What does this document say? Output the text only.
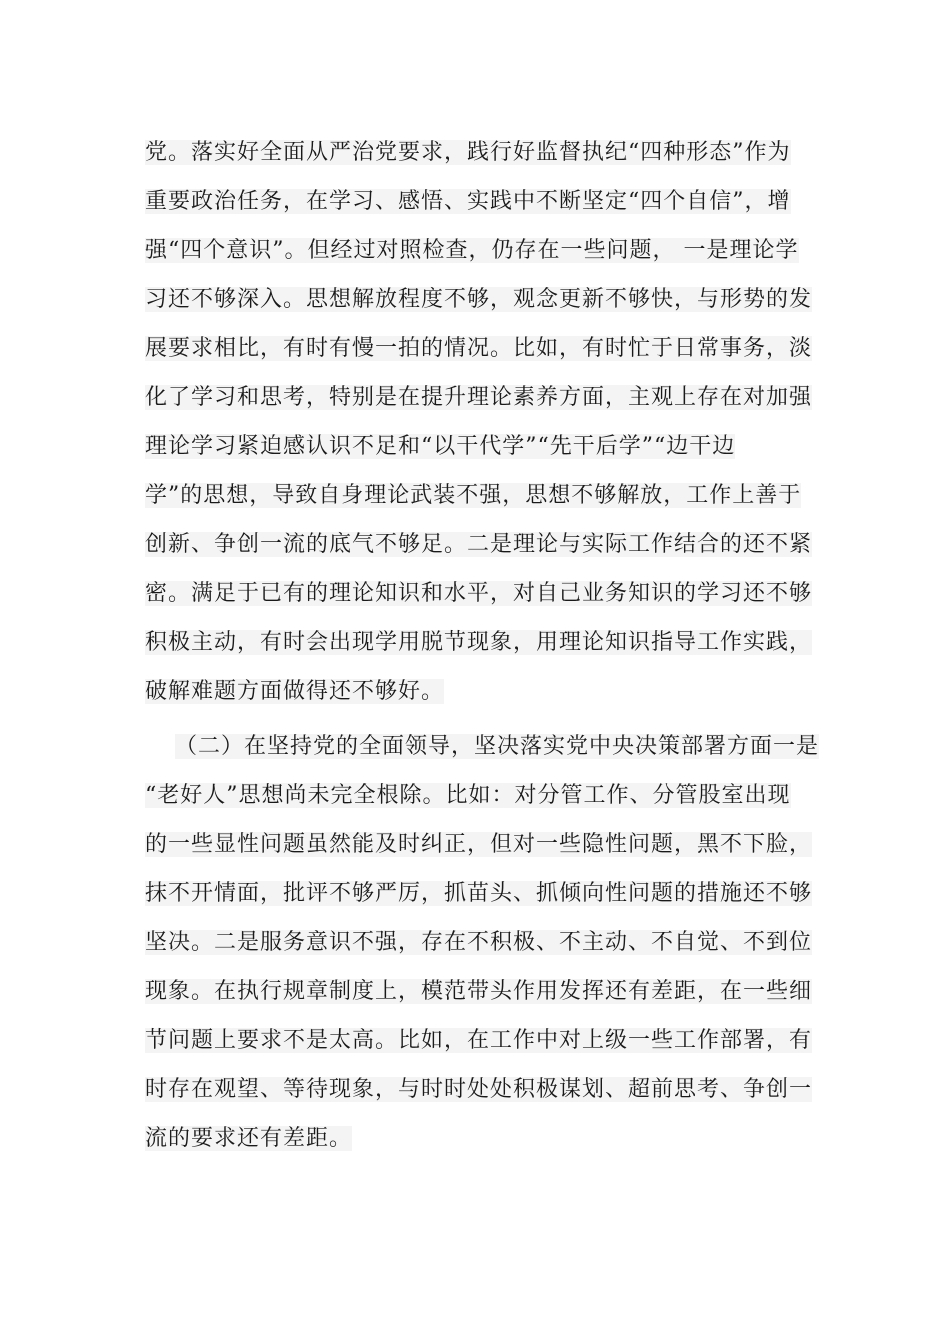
党。落实好全面从严治党要求，践行好监督执纪“四种形态”作为
重要政治任务，在学习、感悟、实践中不断坚定“四个自信”，增
强“四个意识”。但经过对照检查，仍存在一些问题， 一是理论学
习还不够深入。思想解放程度不够，观念更新不够快，与形势的发
展要求相比，有时有慢一拍的情况。比如，有时忙于日常事务，淡
化了学习和思考，特别是在提升理论素养方面，主观上存在对加强
理论学习紧迫感认识不足和“以干代学”“先干后学”“边干边
学”的思想，导致自身理论武装不强，思想不够解放，工作上善于
创新、争创一流的底气不够足。二是理论与实际工作结合的还不紧
密。满足于已有的理论知识和水平，对自己业务知识的学习还不够
积极主动，有时会出现学用脱节现象，用理论知识指导工作实践，
破解难题方面做得还不够好。
（二）在坚持党的全面领导，坚决落实党中央决策部署方面一是
“老好人”思想尚未完全根除。比如：对分管工作、分管股室出现
的一些显性问题虽然能及时纠正，但对一些隐性问题，黑不下脸，
抹不开情面，批评不够严厉，抓苗头、抓倾向性问题的措施还不够
坚决。二是服务意识不强，存在不积极、不主动、不自觉、不到位
现象。在执行规章制度上，模范带头作用发挥还有差距，在一些细
节问题上要求不是太高。比如，在工作中对上级一些工作部署，有
时存在观望、等待现象，与时时处处积极谋划、超前思考、争创一
流的要求还有差距。
